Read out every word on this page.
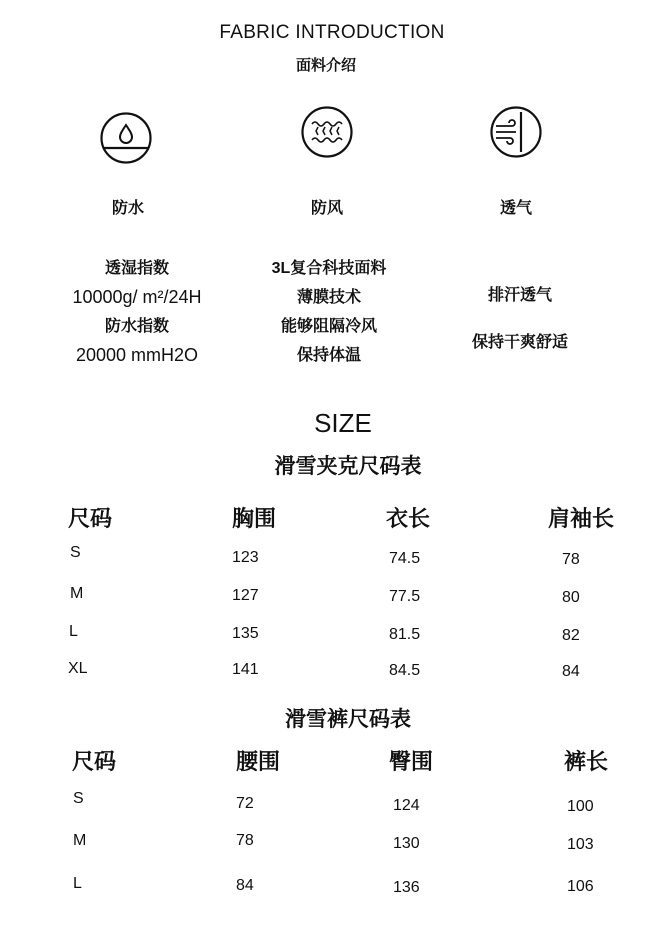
FABRIC INTRODUCTION
面料介绍
防水	防风	透气
透湿指数
10000g/ m²/24H
防水指数
20000 mmH2O
3L复合科技面料
薄膜技术
能够阻隔冷风
保持体温
排汗透气
保持干爽舒适
SIZE
滑雪夹克尺码表
尺码	胸围	衣长	肩袖长
S	123	74.5	78
M	127	77.5	80
L	135	81.5	82
XL	141	84.5	84
滑雪裤尺码表
尺码	腰围	臀围	裤长
S	72	124	100
M	78	130	103
L	84	136	106
